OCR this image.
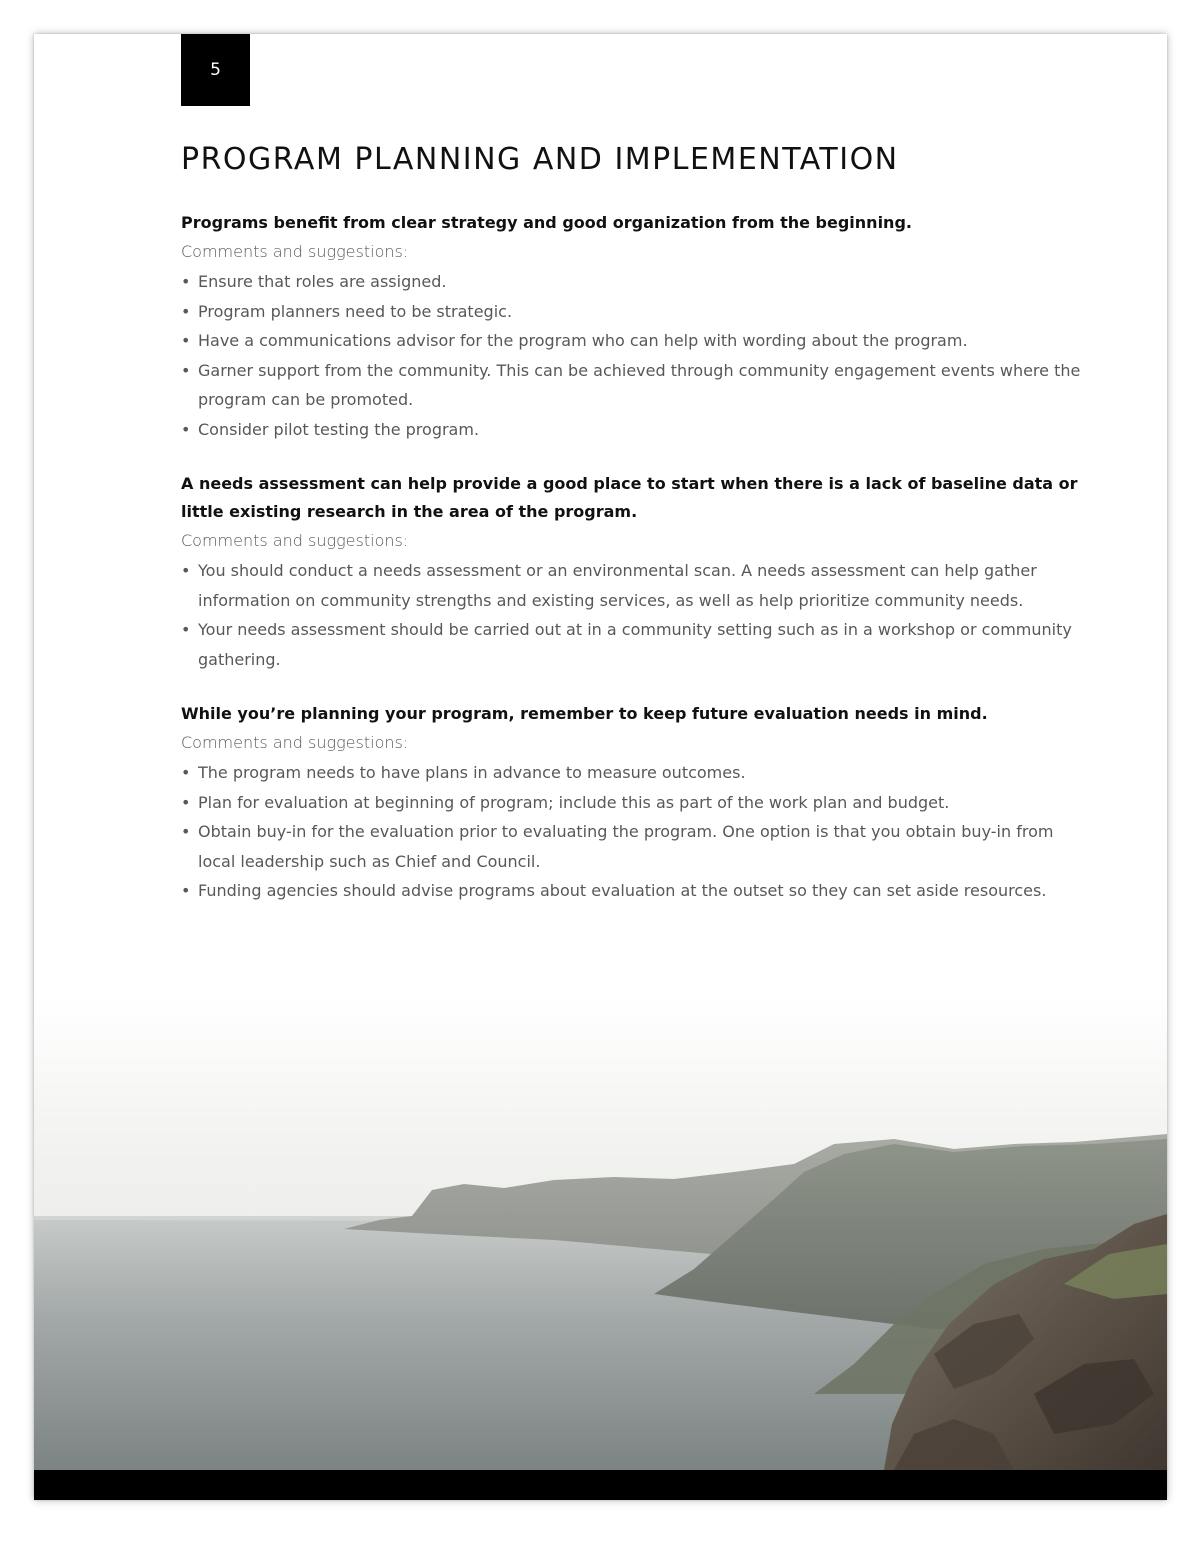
5
PROGRAM PLANNING AND IMPLEMENTATION

Programs benefit from clear strategy and good organization from the beginning.

Comments and suggestions:

• Ensure that roles are assigned.
• Program planners need to be strategic.
• Have a communications advisor for the program who can help with wording about the program.
• Garner support from the community. This can be achieved through community engagement events where the program can be promoted.
• Consider pilot testing the program.

A needs assessment can help provide a good place to start when there is a lack of baseline data or little existing research in the area of the program.

Comments and suggestions:

• You should conduct a needs assessment or an environmental scan. A needs assessment can help gather information on community strengths and existing services, as well as help prioritize community needs.
• Your needs assessment should be carried out at in a community setting such as in a workshop or community gathering.

While you’re planning your program, remember to keep future evaluation needs in mind.

Comments and suggestions:

• The program needs to have plans in advance to measure outcomes.
• Plan for evaluation at beginning of program; include this as part of the work plan and budget.
• Obtain buy-in for the evaluation prior to evaluating the program. One option is that you obtain buy-in from local leadership such as Chief and Council.
• Funding agencies should advise programs about evaluation at the outset so they can set aside resources.

SAGE ADVICE: Real-World Approaches to  Program Evaluation in Northern, Remote and Aboriginal Communities
